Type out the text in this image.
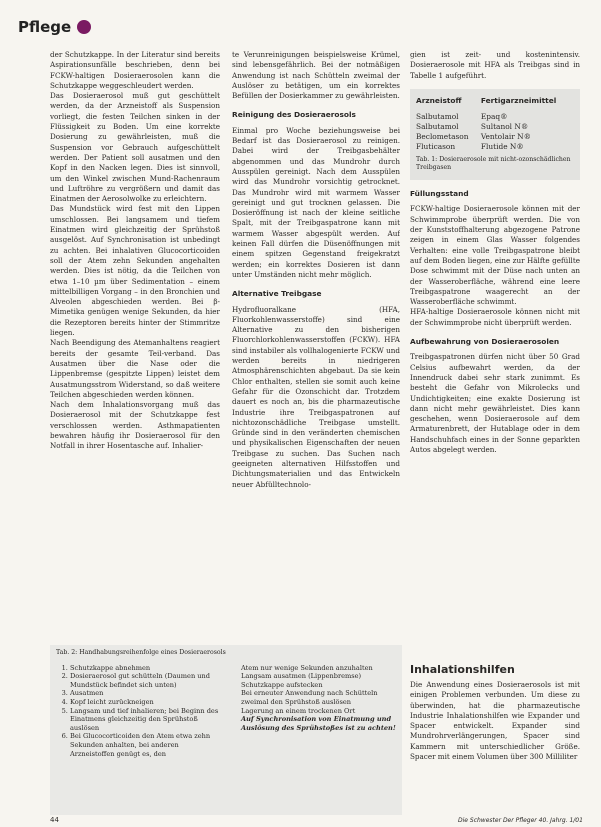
Pflege

der Schutzkappe. In der Literatur sind bereits Aspirationsunfälle beschrieben, denn bei FCKW-haltigen Dosieraerosolen kann die Schutzkappe weggeschleudert werden.

Das Dosieraerosol muß gut geschüttelt werden, da der Arzneistoff als Suspension vorliegt, die festen Teilchen sinken in der Flüssigkeit zu Boden. Um eine korrekte Dosierung zu gewährleisten, muß die Suspension vor Gebrauch aufgeschüttelt werden. Der Patient soll ausatmen und den Kopf in den Nacken legen. Dies ist sinnvoll, um den Winkel zwischen Mund-Rachenraum und Luftröhre zu vergrößern und damit das Einatmen der Aerosolwolke zu erleichtern.

Das Mundstück wird fest mit den Lippen umschlossen. Bei langsamem und tiefem Einatmen wird gleichzeitig der Sprühstoß ausgelöst. Auf Synchronisation ist unbedingt zu achten. Bei inhalativen Glucocorticoiden soll der Atem zehn Sekunden angehalten werden. Dies ist nötig, da die Teilchen von etwa 1–10 µm über Sedimentation – einem mittelbilligen Vorgang – in den Bronchien und Alveolen abgeschieden werden. Bei β-Mimetika genügen wenige Sekunden, da hier die Rezeptoren bereits hinter der Stimmritze liegen.

Nach Beendigung des Atemanhaltens reagiert bereits der gesamte Teil-verband. Das Ausatmen über die Nase oder die Lippenbremse (gespitzte Lippen) leistet dem Ausatmungsstrom Widerstand, so daß weitere Teilchen abgeschieden werden können.

Nach dem Inhalationsvorgang muß das Dosieraerosol mit der Schutzkappe fest verschlossen werden. Asthmapatienten bewahren häufig ihr Dosieraerosol für den Notfall in ihrer Hosentasche auf. Inhalier-

te Verunreinigungen beispielsweise Krümel, sind lebensgefährlich. Bei der notmäßigen Anwendung ist nach Schütteln zweimal der Auslöser zu betätigen, um ein korrektes Befüllen der Dosierkammer zu gewährleisten.

Reinigung des Dosieraerosols

Einmal pro Woche beziehungsweise bei Bedarf ist das Dosieraerosol zu reinigen. Dabei wird der Treibgasbehälter abgenommen und das Mundrohr durch Ausspülen gereinigt. Nach dem Ausspülen wird das Mundrohr vorsichtig getrocknet. Das Mundrohr wird mit warmem Wasser gereinigt und gut trocknen gelassen. Die Dosieröffnung ist nach der kleine seitliche Spalt, mit der Treibgaspatrone kann mit warmem Wasser abgespült werden. Auf keinen Fall dürfen die Düsenöffnungen mit einem spitzen Gegenstand freigekratzt werden; ein korrektes Dosieren ist dann unter Umständen nicht mehr möglich.

Alternative Treibgase

Hydrofluoralkane (HFA, Fluorkohlenwasserstoffe) sind eine Alternative zu den bisherigen Fluorchlorkohlenwasserstoffen (FCKW). HFA sind instabiler als vollhalogenierte FCKW und werden bereits in niedrigeren Atmosphärenschichten abgebaut. Da sie kein Chlor enthalten, stellen sie somit auch keine Gefahr für die Ozonschicht dar. Trotzdem dauert es noch an, bis die pharmazeutische Industrie ihre Treibgaspatronen auf nichtozonschädliche Treibgase umstellt. Gründe sind in den veränderten chemischen und physikalischen Eigenschaften der neuen Treibgase zu suchen. Das Suchen nach geeigneten alternativen Hilfsstoffen und Dichtungsmaterialien und das Entwickeln neuer Abfülltechnolo-

gien ist zeit- und kostenintensiv. Dosieraerosole mit HFA als Treibgas sind in Tabelle 1 aufgeführt.

Arzneistoff	Fertigarzneimittel
Salbutamol	Epaq®
Salbutamol	Sultanol N®
Beclometason	Ventolair N®
Fluticason	Flutide N®
Tab. 1: Dosieraerosole mit nicht-ozonschädlichen Treibgasen
Füllungsstand

FCKW-haltige Dosieraerosole können mit der Schwimmprobe überprüft werden. Die von der Kunststoffhalterung abgezogene Patrone zeigen in einem Glas Wasser folgendes Verhalten: eine volle Treibgaspatrone bleibt auf dem Boden liegen, eine zur Hälfte gefüllte Dose schwimmt mit der Düse nach unten an der Wasseroberfläche, während eine leere Treibgaspatrone waagerecht an der Wasseroberfläche schwimmt.

HFA-haltige Dosieraerosole können nicht mit der Schwimmprobe nicht überprüft werden.

Aufbewahrung von Dosieraerosolen

Treibgaspatronen dürfen nicht über 50 Grad Celsius aufbewahrt werden, da der Innendruck dabei sehr stark zunimmt. Es besteht die Gefahr von Mikrolecks und Undichtigkeiten; eine exakte Dosierung ist dann nicht mehr gewährleistet. Dies kann geschehen, wenn Dosieraerosole auf dem Armaturenbrett, der Hutablage oder in dem Handschuhfach eines in der Sonne geparkten Autos abgelegt werden.

Inhalationshilfen

Die Anwendung eines Dosieraerosols ist mit einigen Problemen verbunden. Um diese zu überwinden, hat die pharmazeutische Industrie Inhalationshilfen wie Expander und Spacer entwickelt. Expander sind Mundrohrverlängerungen, Spacer sind Kammern mit unterschiedlicher Größe. Spacer mit einem Volumen über 300 Milliliter

Tab. 2: Handhabungsreihenfolge eines Dosieraerosols
1. Schutzkappe abnehmen
2. Dosieraerosol gut schütteln (Daumen und Mundstück befindet sich unten)
3. Ausatmen
4. Kopf leicht zurückneigen
5. Langsam und tief inhalieren; bei Beginn des Einatmens gleichzeitig den Sprühstoß auslösen
6. Bei Glucocorticoiden den Atem etwa zehn Sekunden anhalten, bei anderen Arzneistoffen genügt es, den
Atem nur wenige Sekunden anzuhalten
Langsam ausatmen (Lippenbremse)
Schutzkappe aufstecken
Bei erneuter Anwendung nach Schütteln zweimal den Sprühstoß auslösen
Lagerung an einem trockenen Ort
Auf Synchronisation von Einatmung und Auslösung des Sprühstoßes ist zu achten!
44	Die Schwester Der Pfleger 40. Jahrg. 1/01
